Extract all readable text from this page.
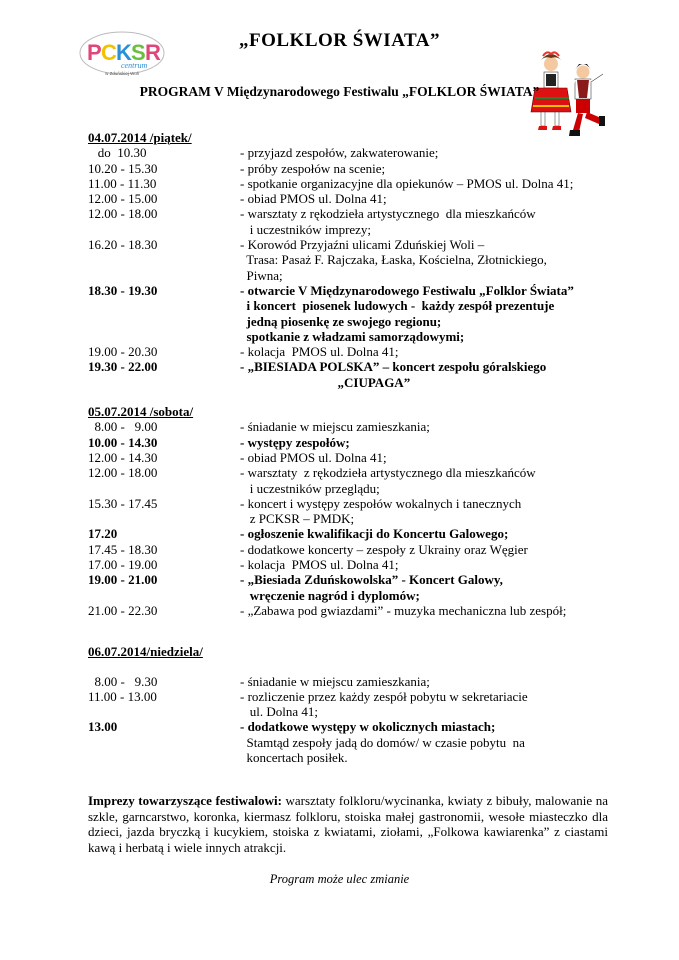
P C K S R
centrum
w Zduńskiej Woli
„FOLKLOR ŚWIATA”
PROGRAM V Międzynarodowego Festiwalu „FOLKLOR ŚWIATA”
04.07.2014 /piątek/
do  10.30	- przyjazd zespołów, zakwaterowanie;
10.20 - 15.30	- próby zespołów na scenie;
11.00 - 11.30	- spotkanie organizacyjne dla opiekunów – PMOS ul. Dolna 41;
12.00 - 15.00	- obiad PMOS ul. Dolna 41;
12.00 - 18.00	- warsztaty z rękodzieła artystycznego  dla mieszkańców
i uczestników imprezy;
16.20 - 18.30	- Korowód Przyjaźni ulicami Zduńskiej Woli –
Trasa: Pasaż F. Rajczaka, Łaska, Kościelna, Złotnickiego,
Piwna;
18.30 - 19.30	- otwarcie V Międzynarodowego Festiwalu „Folklor Świata”
i koncert  piosenek ludowych -  każdy zespół prezentuje
jedną piosenkę ze swojego regionu;
spotkanie z władzami samorządowymi;
19.00 - 20.30	- kolacja  PMOS ul. Dolna 41;
19.30 - 22.00	- „BIESIADA POLSKA” – koncert zespołu góralskiego
„CIUPAGA”
05.07.2014 /sobota/
8.00 -   9.00	- śniadanie w miejscu zamieszkania;
10.00 - 14.30	- występy zespołów;
12.00 - 14.30	- obiad PMOS ul. Dolna 41;
12.00 - 18.00	- warsztaty  z rękodzieła artystycznego dla mieszkańców
i uczestników przeglądu;
15.30 - 17.45	- koncert i występy zespołów wokalnych i tanecznych
z PCKSR – PMDK;
17.20	- ogłoszenie kwalifikacji do Koncertu Galowego;
17.45 - 18.30	- dodatkowe koncerty – zespoły z Ukrainy oraz Węgier
17.00 - 19.00	- kolacja  PMOS ul. Dolna 41;
19.00 - 21.00	- „Biesiada Zduńskowolska” - Koncert Galowy,
wręczenie nagród i dyplomów;
21.00 - 22.30	- „Zabawa pod gwiazdami” - muzyka mechaniczna lub zespół;
06.07.2014/niedziela/
8.00 -   9.30	- śniadanie w miejscu zamieszkania;
11.00 - 13.00	- rozliczenie przez każdy zespół pobytu w sekretariacie
ul. Dolna 41;
13.00	- dodatkowe występy w okolicznych miastach;
Stamtąd zespoły jadą do domów/ w czasie pobytu  na
koncertach posiłek.
Imprezy towarzyszące festiwalowi: warsztaty folkloru/wycinanka, kwiaty z bibuły, malowanie na szkle, garncarstwo, koronka, kiermasz folkloru, stoiska małej gastronomii, wesołe miasteczko dla dzieci, jazda bryczką i kucykiem, stoiska z kwiatami, ziołami, „Folkowa kawiarenka” z ciastami kawą i herbatą i wiele innych atrakcji.
Program może ulec zmianie
